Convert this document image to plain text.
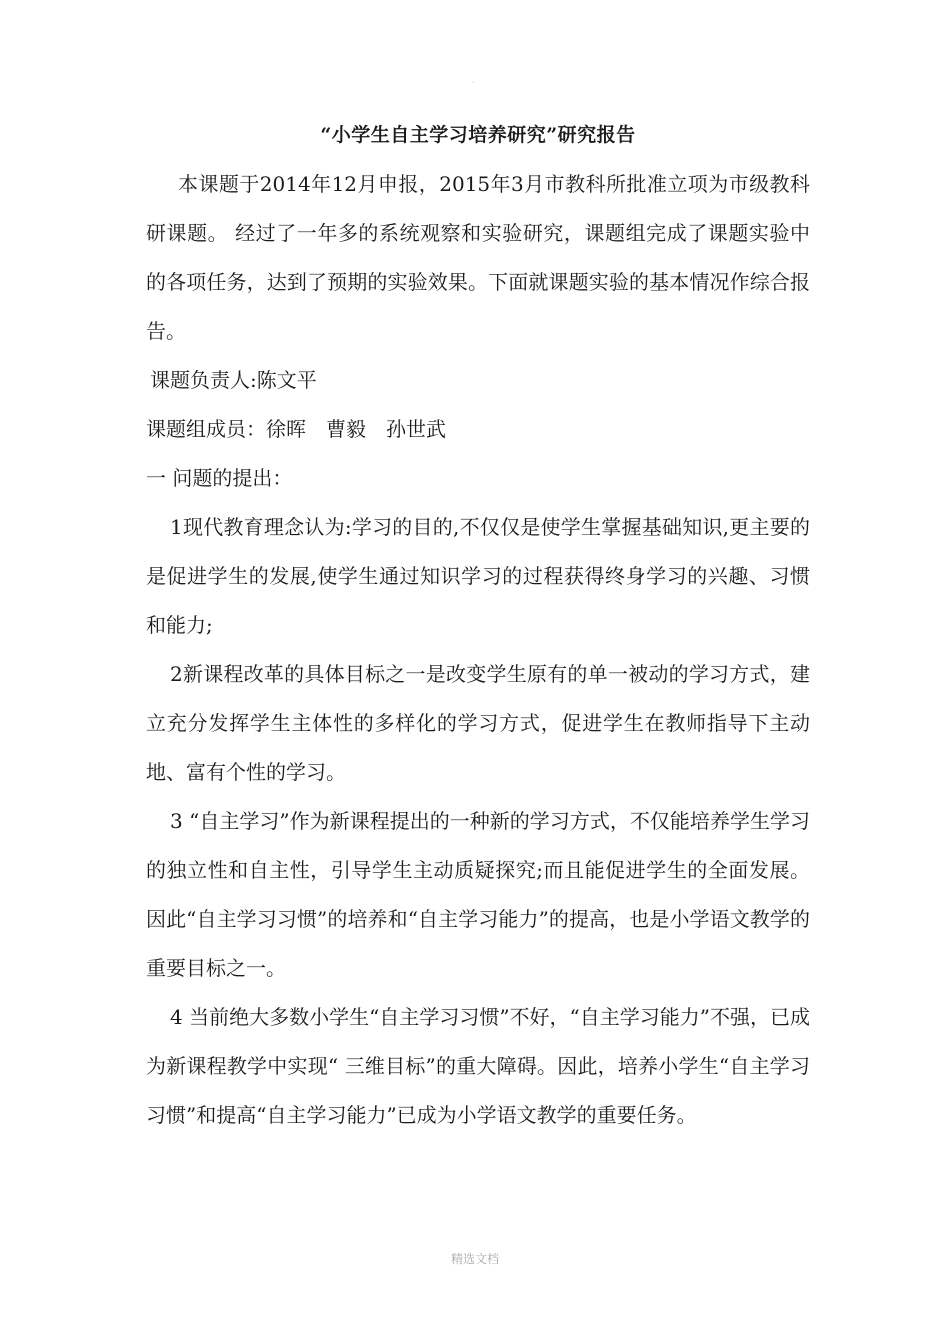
·
“小学生自主学习培养研究”研究报告

本课题于2014年12月申报，2015年3月市教科所批准立项为市级教科研课题。 经过了一年多的系统观察和实验研究，课题组完成了课题实验中的各项任务，达到了预期的实验效果。下面就课题实验的基本情况作综合报告。

课题负责人:陈文平

课题组成员：徐晖　曹毅　孙世武

一 问题的提出：

1现代教育理念认为:学习的目的,不仅仅是使学生掌握基础知识,更主要的是促进学生的发展,使学生通过知识学习的过程获得终身学习的兴趣、习惯和能力;

2新课程改革的具体目标之一是改变学生原有的单一被动的学习方式，建立充分发挥学生主体性的多样化的学习方式，促进学生在教师指导下主动地、富有个性的学习。

3 “自主学习”作为新课程提出的一种新的学习方式，不仅能培养学生学习的独立性和自主性，引导学生主动质疑探究;而且能促进学生的全面发展。因此“自主学习习惯”的培养和“自主学习能力”的提高，也是小学语文教学的重要目标之一。

4 当前绝大多数小学生“自主学习习惯”不好，“自主学习能力”不强，已成为新课程教学中实现“ 三维目标”的重大障碍。因此，培养小学生“自主学习习惯”和提高“自主学习能力”已成为小学语文教学的重要任务。

精选文档
